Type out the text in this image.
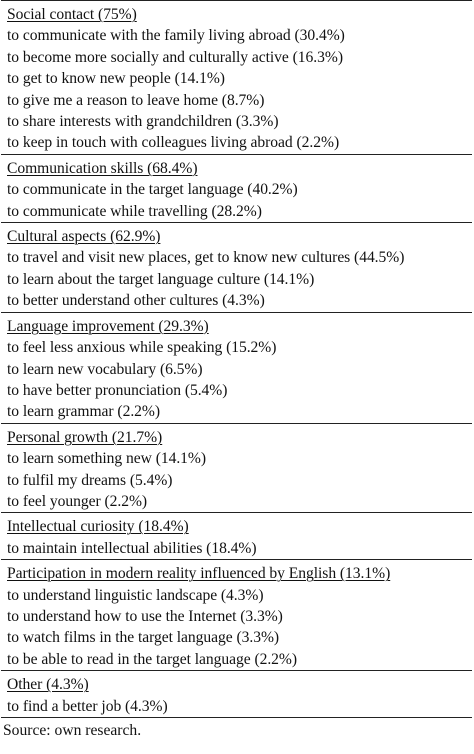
Social contact (75%)
to communicate with the family living abroad (30.4%)
to become more socially and culturally active (16.3%)
to get to know new people (14.1%)
to give me a reason to leave home (8.7%)
to share interests with grandchildren (3.3%)
to keep in touch with colleagues living abroad (2.2%)
Communication skills (68.4%)
to communicate in the target language (40.2%)
to communicate while travelling (28.2%)
Cultural aspects (62.9%)
to travel and visit new places, get to know new cultures (44.5%)
to learn about the target language culture (14.1%)
to better understand other cultures (4.3%)
Language improvement (29.3%)
to feel less anxious while speaking (15.2%)
to learn new vocabulary (6.5%)
to have better pronunciation (5.4%)
to learn grammar (2.2%)
Personal growth (21.7%)
to learn something new (14.1%)
to fulfil my dreams (5.4%)
to feel younger (2.2%)
Intellectual curiosity (18.4%)
to maintain intellectual abilities (18.4%)
Participation in modern reality influenced by English (13.1%)
to understand linguistic landscape (4.3%)
to understand how to use the Internet (3.3%)
to watch films in the target language (3.3%)
to be able to read in the target language (2.2%)
Other (4.3%)
to find a better job (4.3%)
Source: own research.
